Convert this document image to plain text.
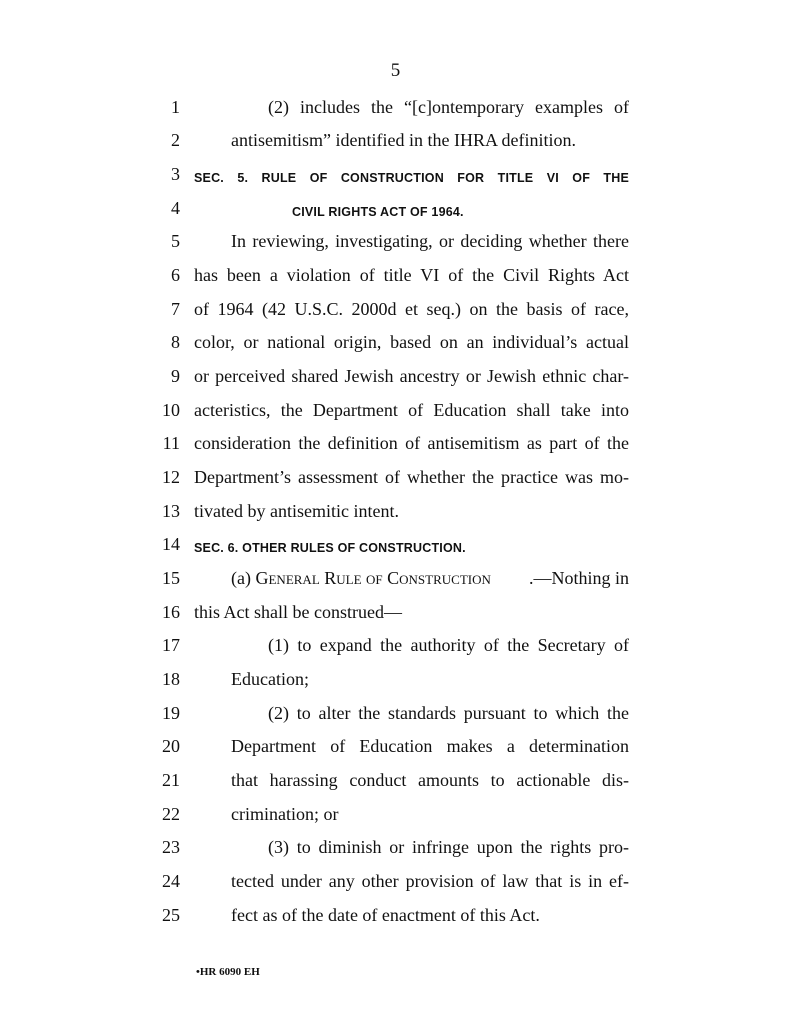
5
1	(2) includes the “[c]ontemporary examples of
2	antisemitism” identified in the IHRA definition.
3 SEC. 5. RULE OF CONSTRUCTION FOR TITLE VI OF THE
4	CIVIL RIGHTS ACT OF 1964.
5	In reviewing, investigating, or deciding whether there
6 has been a violation of title VI of the Civil Rights Act
7 of 1964 (42 U.S.C. 2000d et seq.) on the basis of race,
8 color, or national origin, based on an individual’s actual
9 or perceived shared Jewish ancestry or Jewish ethnic char-
10 acteristics, the Department of Education shall take into
11 consideration the definition of antisemitism as part of the
12 Department’s assessment of whether the practice was mo-
13 tivated by antisemitic intent.
14 SEC. 6. OTHER RULES OF CONSTRUCTION.
15	(a) General Rule of Construction	.—Nothing in
16 this Act shall be construed—
17	(1) to expand the authority of the Secretary of
18	Education;
19	(2) to alter the standards pursuant to which the
20	Department of Education makes a determination
21	that harassing conduct amounts to actionable dis-
22	crimination; or
23	(3) to diminish or infringe upon the rights pro-
24	tected under any other provision of law that is in ef-
25	fect as of the date of enactment of this Act.
•HR 6090 EH
